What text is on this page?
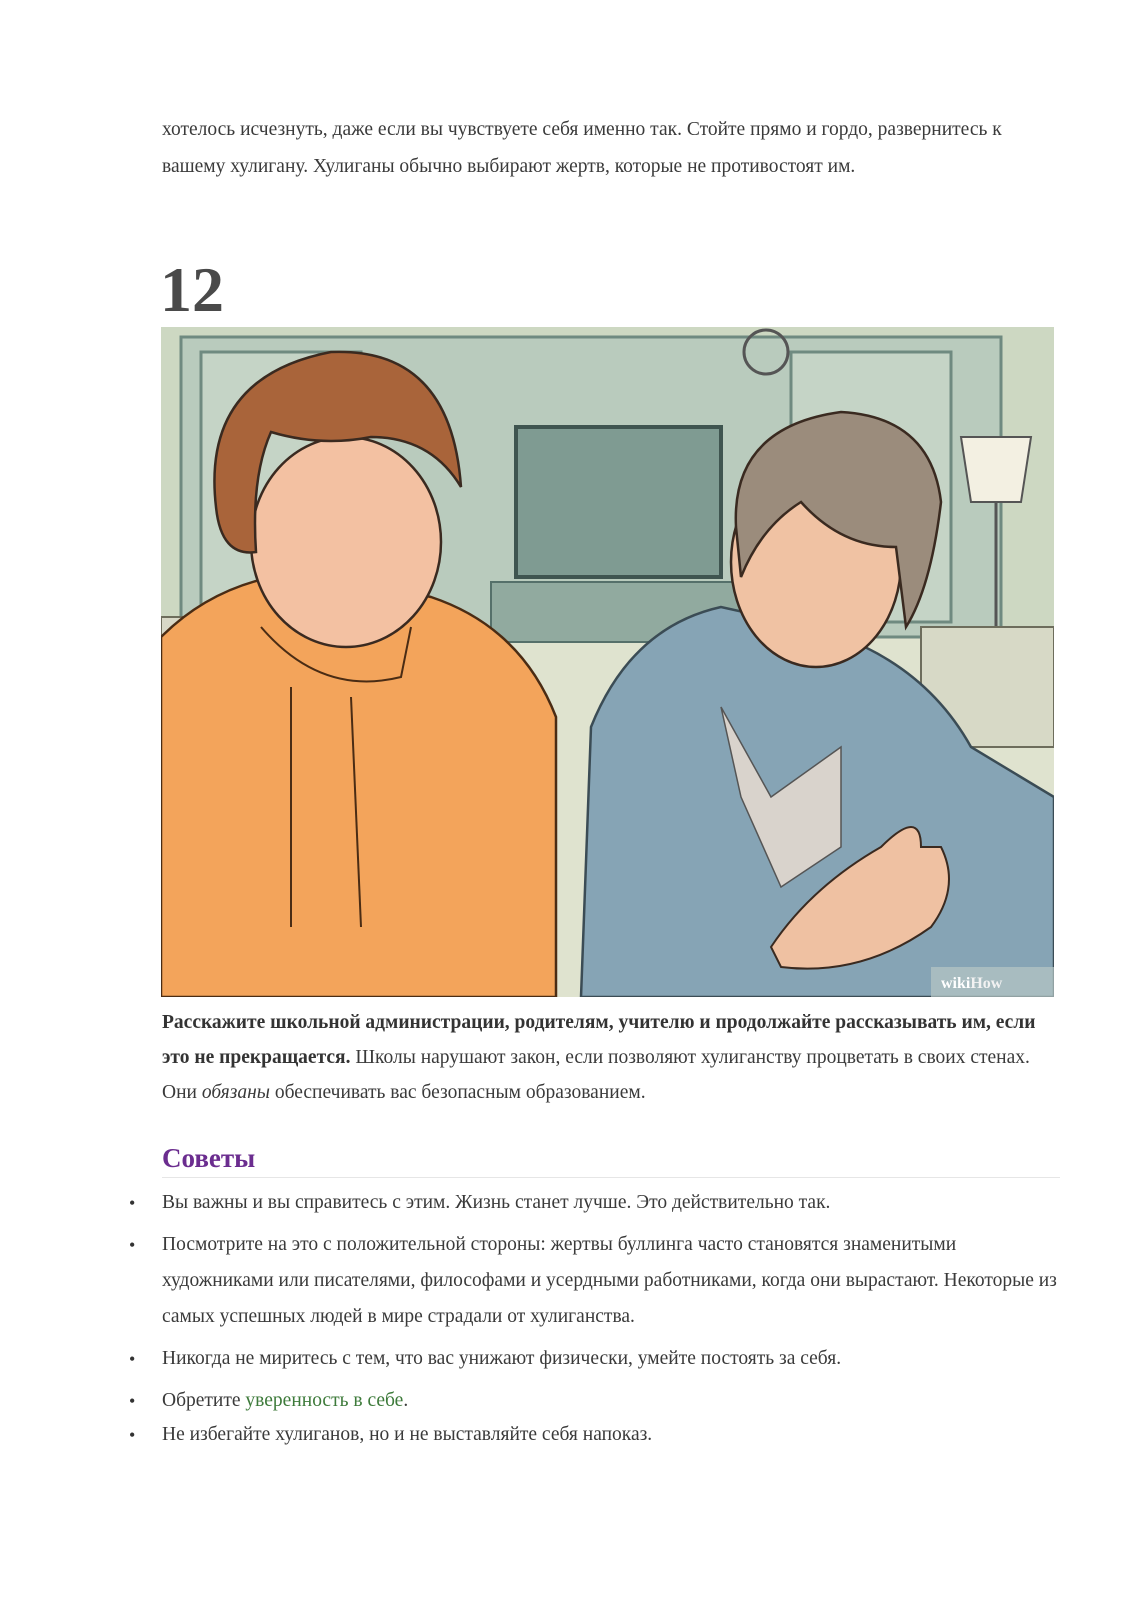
хотелось исчезнуть, даже если вы чувствуете себя именно так. Стойте прямо и гордо, развернитесь к вашему хулигану. Хулиганы обычно выбирают жертв, которые не противостоят им.

12
wikiHow

Расскажите школьной администрации, родителям, учителю и продолжайте рассказывать им, если это не прекращается. Школы нарушают закон, если позволяют хулиганству процветать в своих стенах. Они обязаны обеспечивать вас безопасным образованием.

Советы
• Вы важны и вы справитесь с этим. Жизнь станет лучше. Это действительно так.
• Посмотрите на это с положительной стороны: жертвы буллинга часто становятся знаменитыми художниками или писателями, философами и усердными работниками, когда они вырастают. Некоторые из самых успешных людей в мире страдали от хулиганства.
• Никогда не миритесь с тем, что вас унижают физически, умейте постоять за себя.
• Обретите уверенность в себе.
• Не избегайте хулиганов, но и не выставляйте себя напоказ.
